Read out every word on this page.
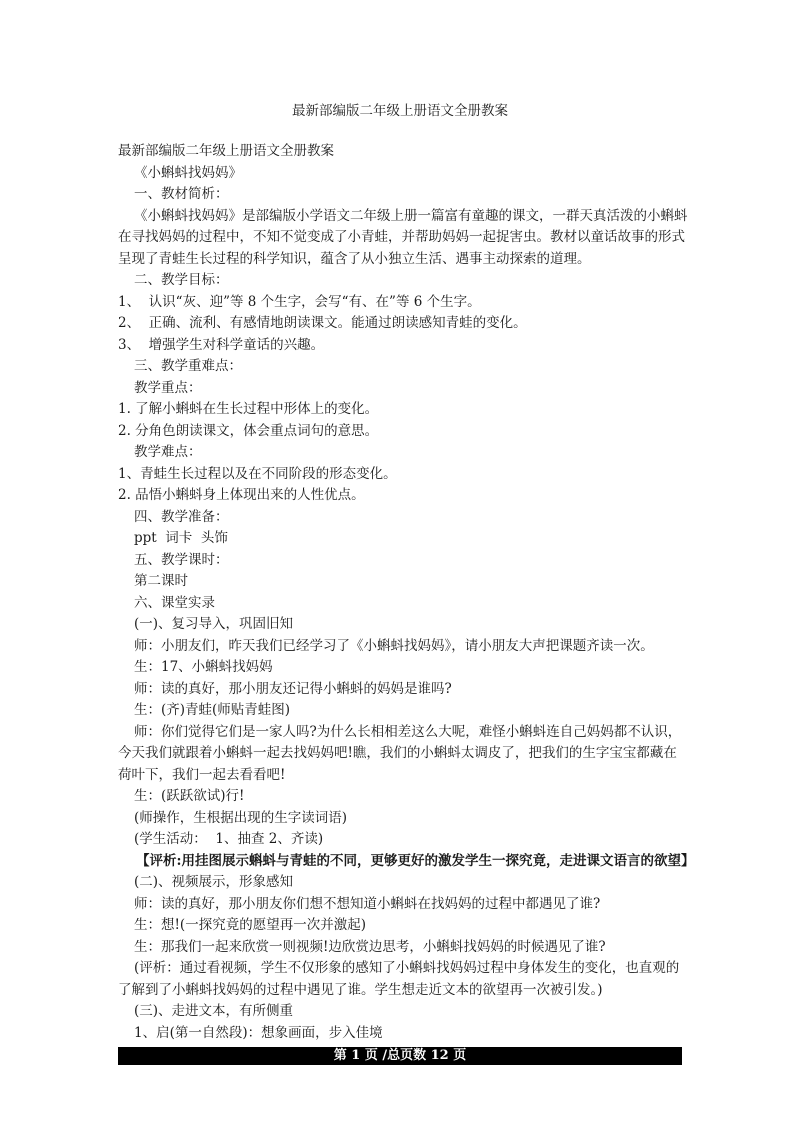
最新部编版二年级上册语文全册教案
最新部编版二年级上册语文全册教案
《小蝌蚪找妈妈》
一、教材简析：
《小蝌蚪找妈妈》是部编版小学语文二年级上册一篇富有童趣的课文，一群天真活泼的小蝌蚪在寻找妈妈的过程中，不知不觉变成了小青蛙，并帮助妈妈一起捉害虫。教材以童话故事的形式呈现了青蛙生长过程的科学知识，蕴含了从小独立生活、遇事主动探索的道理。
二、教学目标：
1、  认识“灰、迎”等 8 个生字，会写“有、在”等 6 个生字。
2、  正确、流利、有感情地朗读课文。能通过朗读感知青蛙的变化。
3、  增强学生对科学童话的兴趣。
三、教学重难点：
教学重点：
1. 了解小蝌蚪在生长过程中形体上的变化。
2. 分角色朗读课文，体会重点词句的意思。
教学难点：
1、青蛙生长过程以及在不同阶段的形态变化。
2. 品悟小蝌蚪身上体现出来的人性优点。
四、教学准备：
ppt  词卡  头饰
五、教学课时：
第二课时
六、课堂实录
(一)、复习导入，巩固旧知
师：小朋友们，昨天我们已经学习了《小蝌蚪找妈妈》，请小朋友大声把课题齐读一次。
生：17、小蝌蚪找妈妈
师：读的真好，那小朋友还记得小蝌蚪的妈妈是谁吗?
生：(齐)青蛙(师贴青蛙图)
师：你们觉得它们是一家人吗?为什么长相相差这么大呢，难怪小蝌蚪连自己妈妈都不认识，今天我们就跟着小蝌蚪一起去找妈妈吧!瞧，我们的小蝌蚪太调皮了，把我们的生字宝宝都藏在荷叶下，我们一起去看看吧!
生：(跃跃欲试)行!
(师操作，生根据出现的生字读词语)
(学生活动：  1、抽查 2、齐读)
【评析:用挂图展示蝌蚪与青蛙的不同，更够更好的激发学生一探究竟，走进课文语言的欲望】
(二)、视频展示，形象感知
师：读的真好，那小朋友你们想不想知道小蝌蚪在找妈妈的过程中都遇见了谁?
生：想!(一探究竟的愿望再一次并激起)
生：那我们一起来欣赏一则视频!边欣赏边思考，小蝌蚪找妈妈的时候遇见了谁?
(评析：通过看视频，学生不仅形象的感知了小蝌蚪找妈妈过程中身体发生的变化，也直观的了解到了小蝌蚪找妈妈的过程中遇见了谁。学生想走近文本的欲望再一次被引发。)
(三)、走进文本，有所侧重
1、启(第一自然段)：想象画面，步入佳境
第 1 页 /总页数 12 页
